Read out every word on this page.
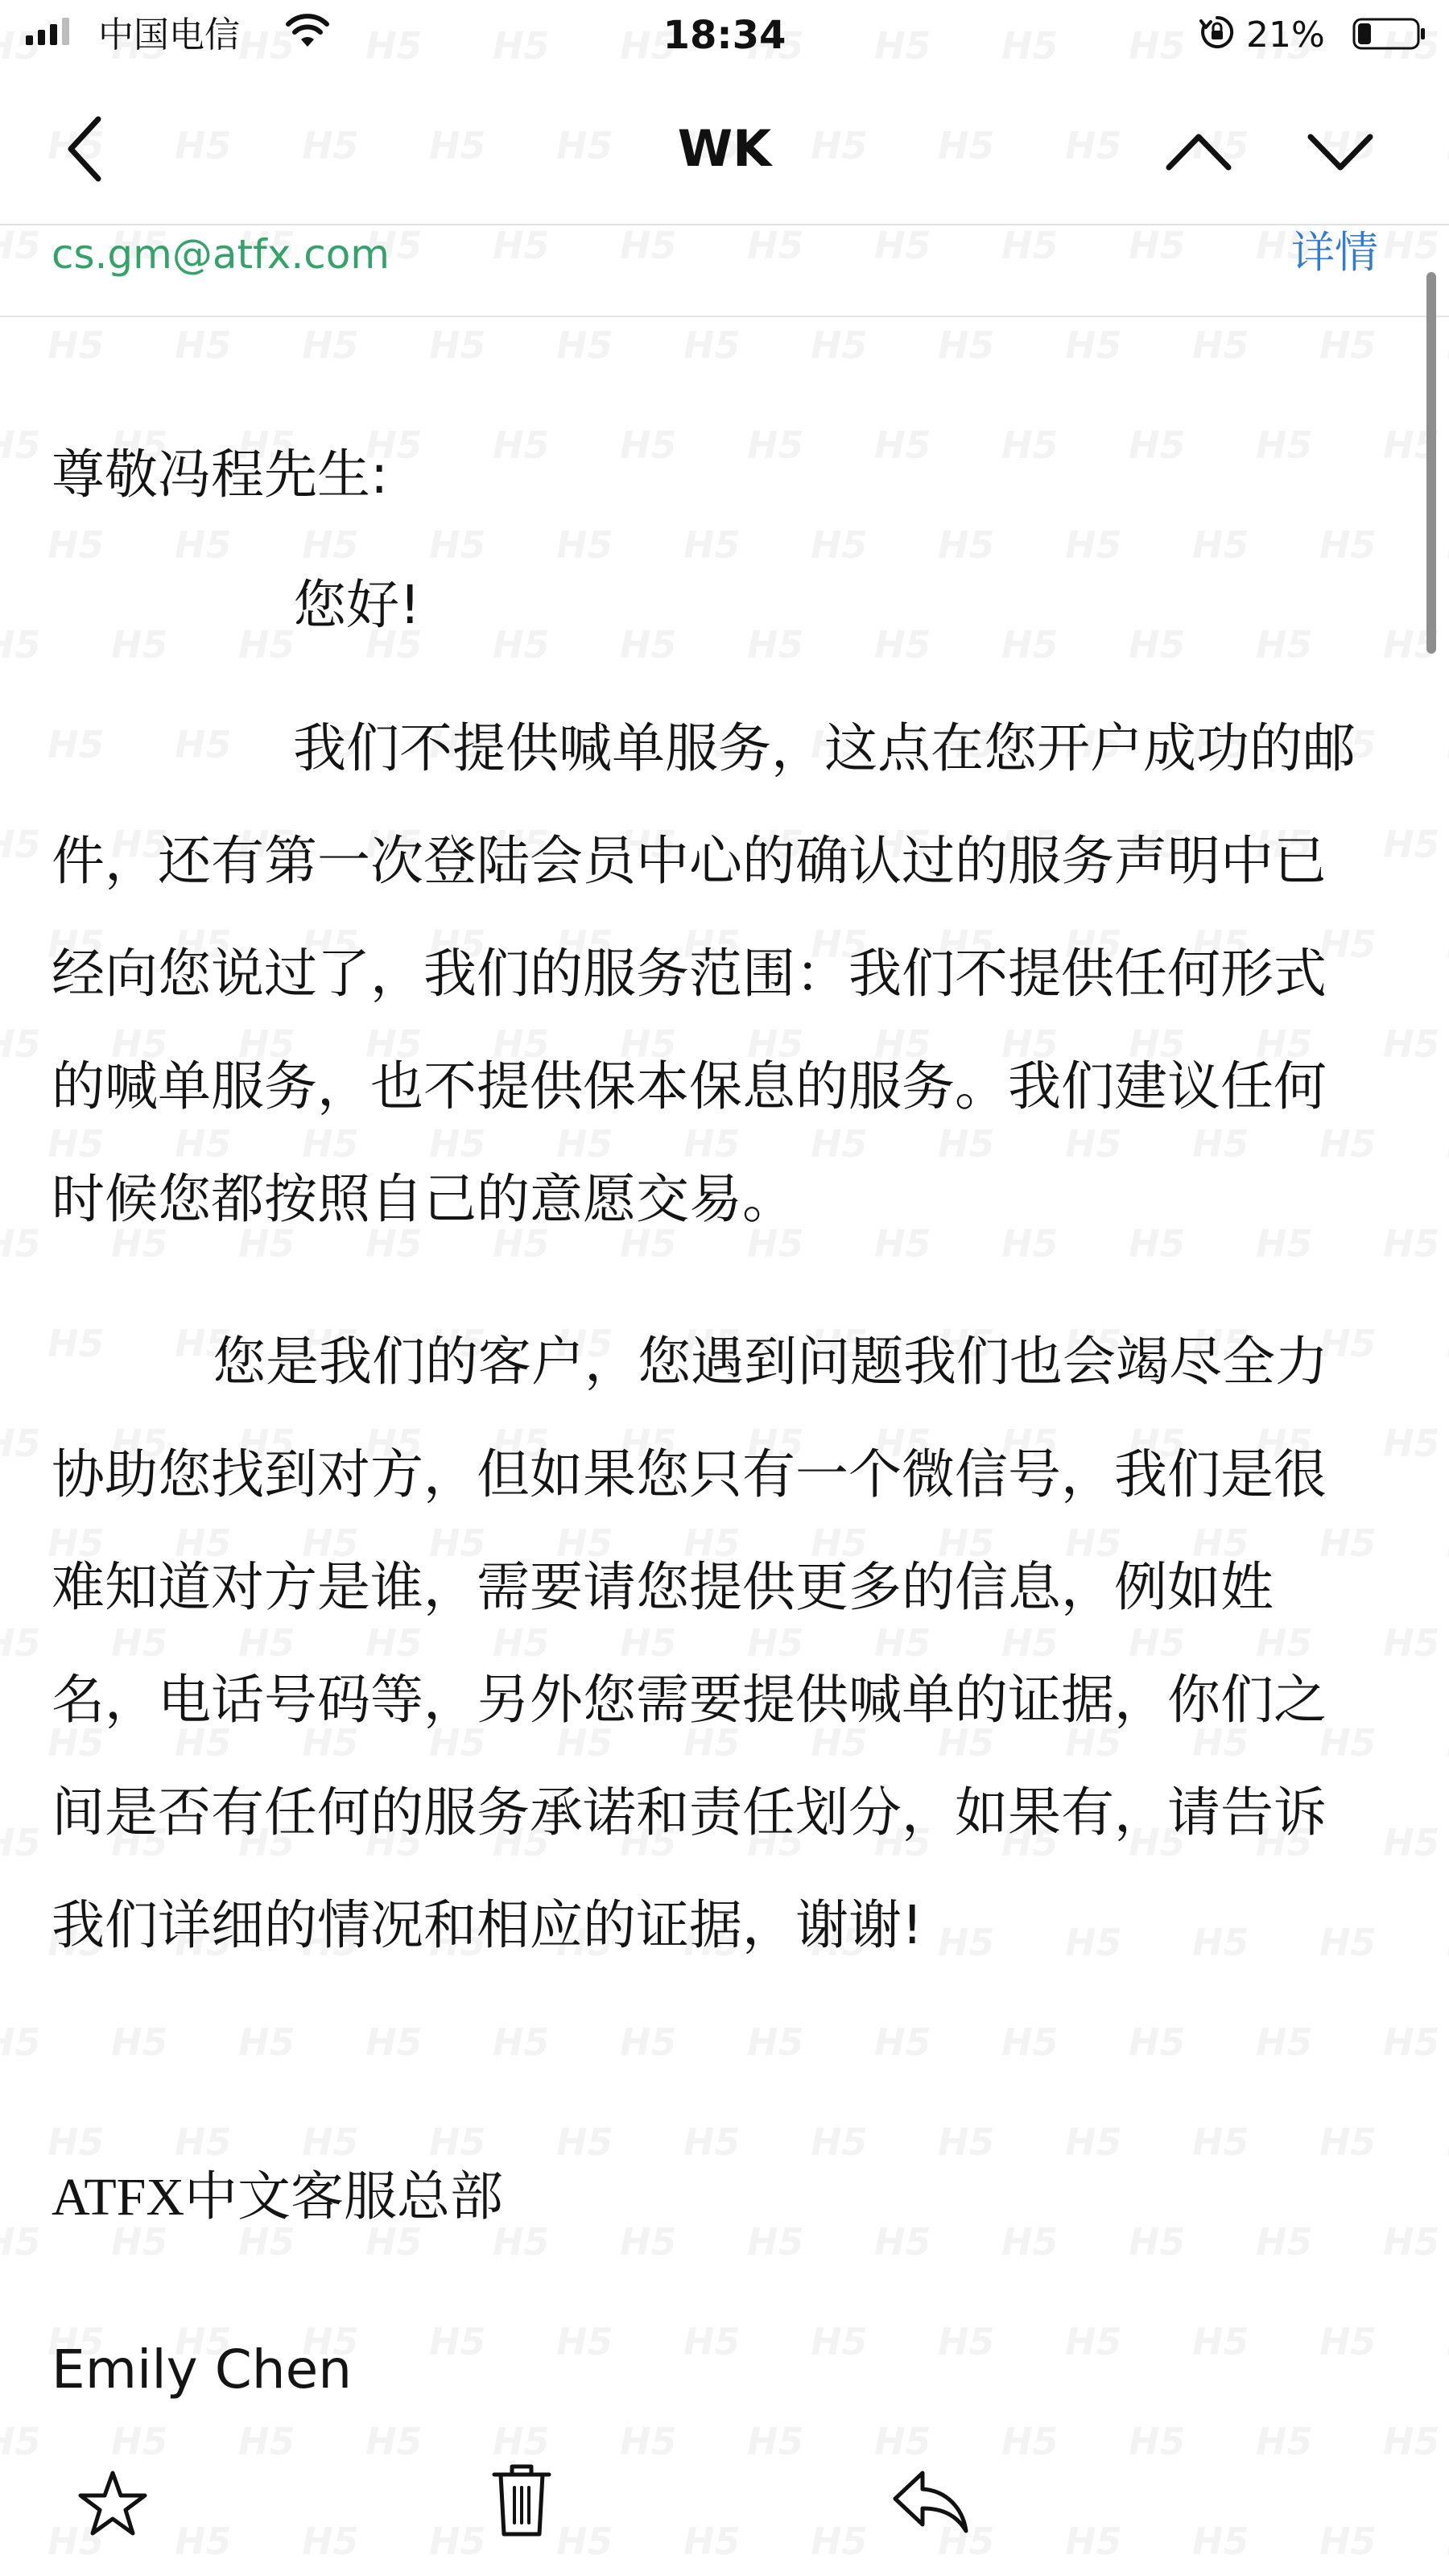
中国电信	18:34	21%
WK
cs.gm@atfx.com	详情

尊敬冯程先生:

您好!

我们不提供喊单服务，这点在您开户成功的邮件，还有第一次登陆会员中心的确认过的服务声明中已经向您说过了，我们的服务范围：我们不提供任何形式的喊单服务，也不提供保本保息的服务。我们建议任何时候您都按照自己的意愿交易。

您是我们的客户，您遇到问题我们也会竭尽全力协助您找到对方，但如果您只有一个微信号，我们是很难知道对方是谁，需要请您提供更多的信息，例如姓名，电话号码等，另外您需要提供喊单的证据，你们之间是否有任何的服务承诺和责任划分，如果有，请告诉我们详细的情况和相应的证据，谢谢!

ATFX中文客服总部
Emily Chen
